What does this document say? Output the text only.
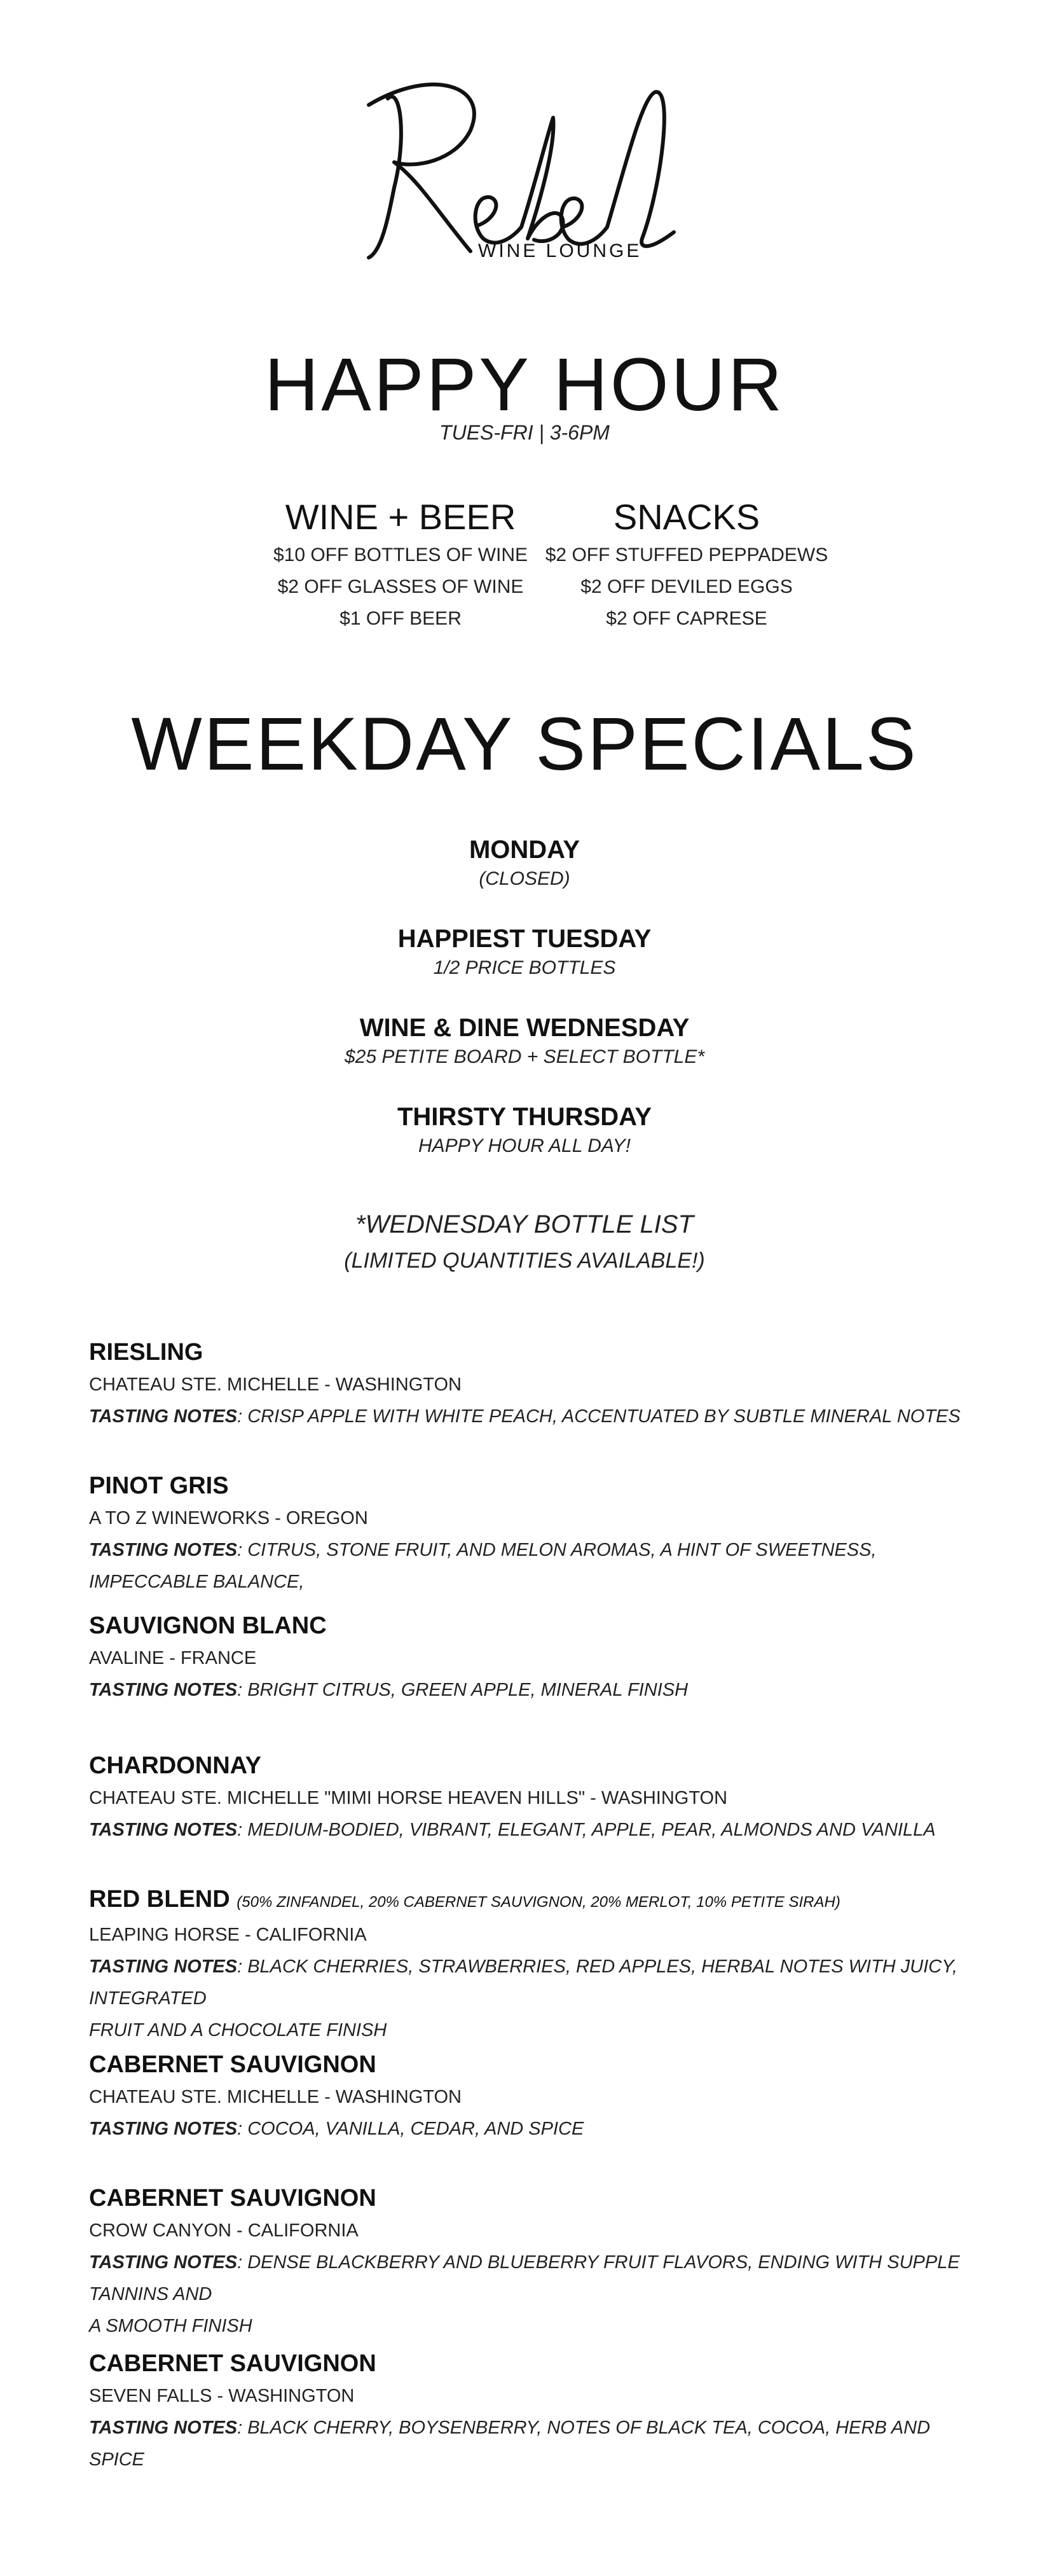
WINE LOUNGE
HAPPY HOUR
TUES-FRI | 3-6PM
WINE + BEER
$10 OFF BOTTLES OF WINE
$2 OFF GLASSES OF WINE
$1 OFF BEER
SNACKS
$2 OFF STUFFED PEPPADEWS
$2 OFF DEVILED EGGS
$2 OFF CAPRESE
WEEKDAY SPECIALS
MONDAY
(CLOSED)
HAPPIEST TUESDAY
1/2 PRICE BOTTLES
WINE & DINE WEDNESDAY
$25 PETITE BOARD + SELECT BOTTLE*
THIRSTY THURSDAY
HAPPY HOUR ALL DAY!
*WEDNESDAY BOTTLE LIST
(LIMITED QUANTITIES AVAILABLE!)
RIESLING
CHATEAU STE. MICHELLE - WASHINGTON
TASTING NOTES: CRISP APPLE WITH WHITE PEACH, ACCENTUATED BY SUBTLE MINERAL NOTES
PINOT GRIS
A TO Z WINEWORKS - OREGON
TASTING NOTES: CITRUS, STONE FRUIT, AND MELON AROMAS, A HINT OF SWEETNESS, IMPECCABLE BALANCE,
SAUVIGNON BLANC
AVALINE - FRANCE
TASTING NOTES: BRIGHT CITRUS, GREEN APPLE, MINERAL FINISH
CHARDONNAY
CHATEAU STE. MICHELLE "MIMI HORSE HEAVEN HILLS" - WASHINGTON
TASTING NOTES: MEDIUM-BODIED, VIBRANT, ELEGANT, APPLE, PEAR, ALMONDS AND VANILLA
RED BLEND (50% ZINFANDEL, 20% CABERNET SAUVIGNON, 20% MERLOT, 10% PETITE SIRAH)
LEAPING HORSE - CALIFORNIA
TASTING NOTES: BLACK CHERRIES, STRAWBERRIES, RED APPLES, HERBAL NOTES WITH JUICY, INTEGRATED
FRUIT AND A CHOCOLATE FINISH
CABERNET SAUVIGNON
CHATEAU STE. MICHELLE - WASHINGTON
TASTING NOTES: COCOA, VANILLA, CEDAR, AND SPICE
CABERNET SAUVIGNON
CROW CANYON - CALIFORNIA
TASTING NOTES: DENSE BLACKBERRY AND BLUEBERRY FRUIT FLAVORS, ENDING WITH SUPPLE TANNINS AND
A SMOOTH FINISH
CABERNET SAUVIGNON
SEVEN FALLS - WASHINGTON
TASTING NOTES: BLACK CHERRY, BOYSENBERRY, NOTES OF BLACK TEA, COCOA, HERB AND SPICE
